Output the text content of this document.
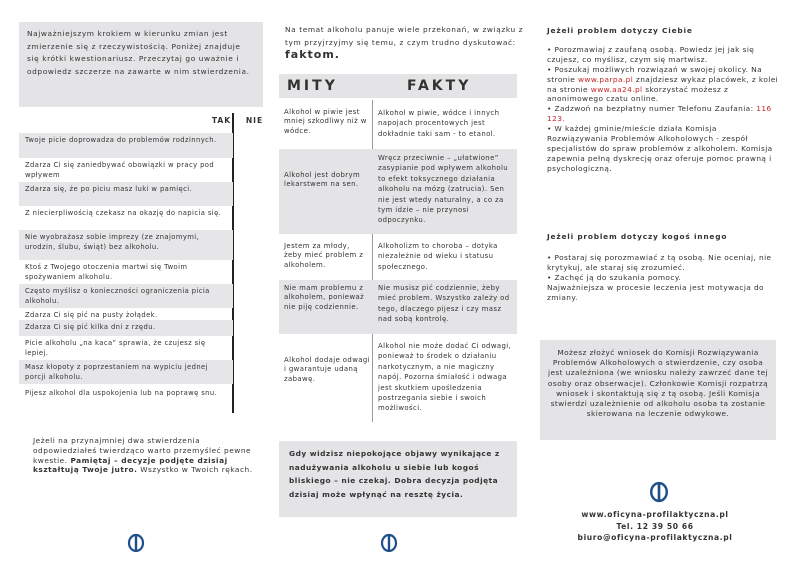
Najważniejszym krokiem w kierunku zmian jest zmierzenie się z rzeczywistością. Poniżej znajduje się krótki kwestionariusz. Przeczytaj go uważnie i odpowiedz szczerze na zawarte w nim stwierdzenia.

TAK NIE
Twoje picie doprowadza do problemów rodzinnych.
Zdarza Ci się zaniedbywać obowiązki w pracy pod wpływem
Zdarza się, że po piciu masz luki w pamięci.
Z niecierpliwością czekasz na okazję do napicia się.
Nie wyobrażasz sobie imprezy (ze znajomymi, urodzin, ślubu, świąt) bez alkoholu.
Ktoś z Twojego otoczenia martwi się Twoim spożywaniem alkoholu.
Często myślisz o konieczności ograniczenia picia alkoholu.
Zdarza Ci się pić na pusty żołądek.
Zdarza Ci się pić kilka dni z rzędu.
Picie alkoholu „na kaca” sprawia, że czujesz się lepiej.
Masz kłopoty z poprzestaniem na wypiciu jednej porcji alkoholu.
Pijesz alkohol dla uspokojenia lub na poprawę snu.
Jeżeli na przynajmniej dwa stwierdzenia odpowiedziałeś twierdząco warto przemyśleć pewne kwestie. Pamiętaj – decyzje podjęte dzisiaj kształtują Twoje jutro. Wszystko w Twoich rękach.
Na temat alkoholu panuje wiele przekonań, w związku z tym przyjrzyjmy się temu, z czym trudno dyskutować: faktom.
MITY	FAKTY
Alkohol w piwie jest mniej szkodliwy niż w wódce.
Alkohol w piwie, wódce i innych napojach procentowych jest dokładnie taki sam - to etanol.
Alkohol jest dobrym lekarstwem na sen.
Wręcz przeciwnie – „ułatwione” zasypianie pod wpływem alkoholu to efekt toksycznego działania alkoholu na mózg (zatrucia). Sen nie jest wtedy naturalny, a co za tym idzie – nie przynosi odpoczynku.
Jestem za młody, żeby mieć problem z alkoholem.
Alkoholizm to choroba – dotyka niezależnie od wieku i statusu społecznego.
Nie mam problemu z alkoholem, ponieważ nie piję codziennie.
Nie musisz pić codziennie, żeby mieć problem. Wszystko zależy od tego, dlaczego pijesz i czy masz nad sobą kontrolę.
Alkohol dodaje odwagi i gwarantuje udaną zabawę.
Alkohol nie może dodać Ci odwagi, ponieważ to środek o działaniu narkotycznym, a nie magiczny napój. Pozorna śmiałość i odwaga jest skutkiem upośledzenia postrzegania siebie i swoich możliwości.
Gdy widzisz niepokojące objawy wynikające z nadużywania alkoholu u siebie lub kogoś bliskiego – nie czekaj. Dobra decyzja podjęta dzisiaj może wpłynąć na resztę życia.
Jeżeli problem dotyczy Ciebie
• Porozmawiaj z zaufaną osobą. Powiedz jej jak się czujesz, co myślisz, czym się martwisz.
• Poszukaj możliwych rozwiązań w swojej okolicy. Na stronie www.parpa.pl znajdziesz wykaz placówek, z kolei na stronie www.aa24.pl skorzystać możesz z anonimowego czatu online.
• Zadzwoń na bezpłatny numer Telefonu Zaufania: 116 123.
• W każdej gminie/mieście działa Komisja Rozwiązywania Problemów Alkoholowych - zespół specjalistów do spraw problemów z alkoholem. Komisja zapewnia pełną dyskrecję oraz oferuje pomoc prawną i psychologiczną.
Jeżeli problem dotyczy kogoś innego
• Postaraj się porozmawiać z tą osobą. Nie oceniaj, nie krytykuj, ale staraj się zrozumieć.
• Zachęć ją do szukania pomocy.
Najważniejsza w procesie leczenia jest motywacja do zmiany.
Możesz złożyć wniosek do Komisji Rozwiązywania Problemów Alkoholowych o stwierdzenie, czy osoba jest uzależniona (we wniosku należy zawrzeć dane tej osoby oraz obserwacje). Członkowie Komisji rozpatrzą wniosek i skontaktują się z tą osobą. Jeśli Komisja stwierdzi uzależnienie od alkoholu osoba ta zostanie skierowana na leczenie odwykowe.
www.oficyna-profilaktyczna.pl
Tel. 12 39 50 66
biuro@oficyna-profilaktyczna.pl
